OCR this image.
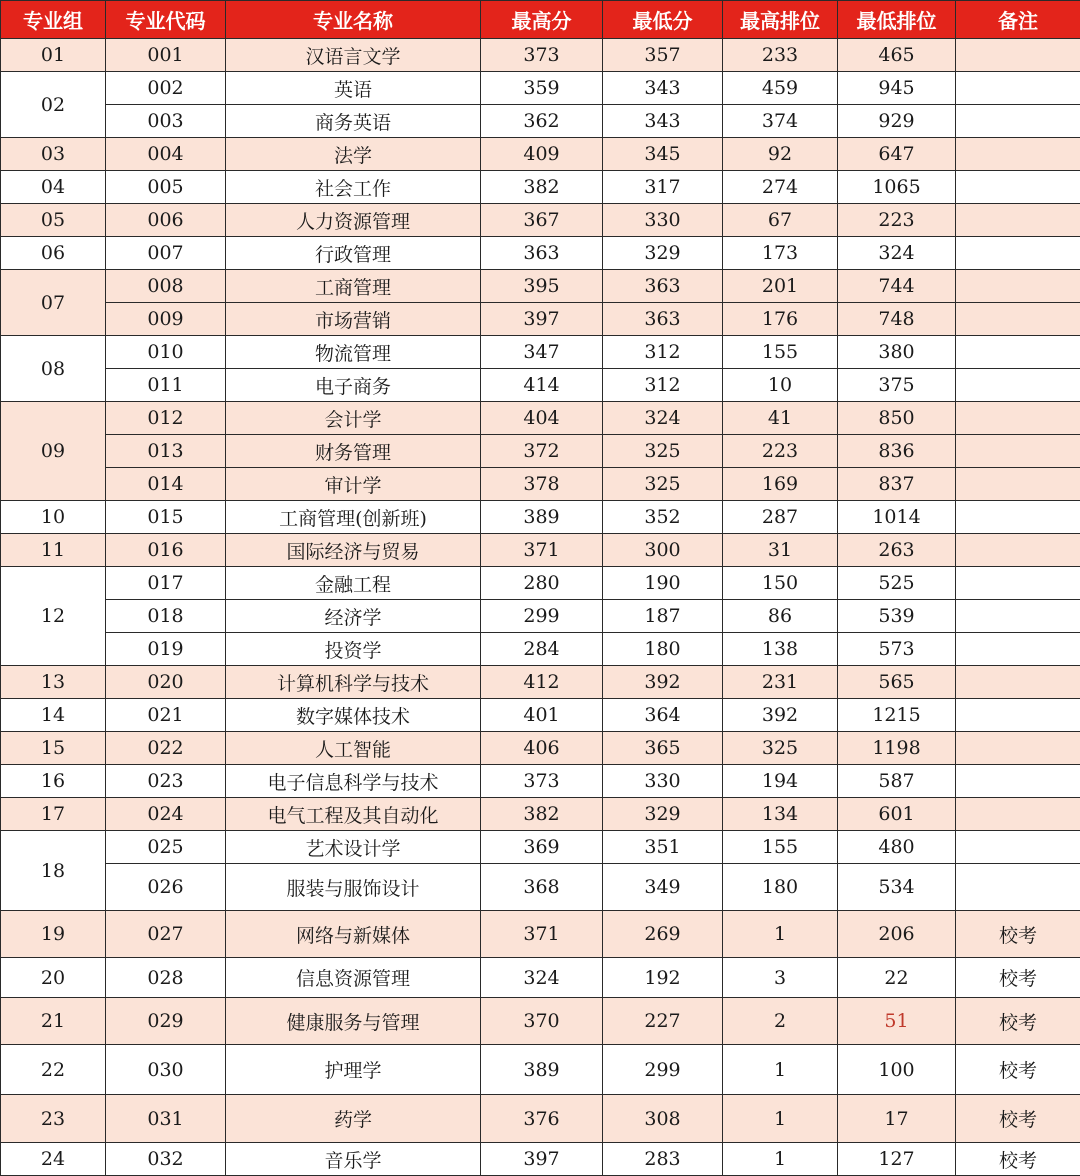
专业组	专业代码	专业名称	最高分	最低分	最高排位	最低排位	备注
01	001	汉语言文学	373	357	233	465	
02	002	英语	359	343	459	945	
	003	商务英语	362	343	374	929	
03	004	法学	409	345	92	647	
04	005	社会工作	382	317	274	1065	
05	006	人力资源管理	367	330	67	223	
06	007	行政管理	363	329	173	324	
07	008	工商管理	395	363	201	744	
	009	市场营销	397	363	176	748	
08	010	物流管理	347	312	155	380	
	011	电子商务	414	312	10	375	
09	012	会计学	404	324	41	850	
	013	财务管理	372	325	223	836	
	014	审计学	378	325	169	837	
10	015	工商管理(创新班)	389	352	287	1014	
11	016	国际经济与贸易	371	300	31	263	
12	017	金融工程	280	190	150	525	
	018	经济学	299	187	86	539	
	019	投资学	284	180	138	573	
13	020	计算机科学与技术	412	392	231	565	
14	021	数字媒体技术	401	364	392	1215	
15	022	人工智能	406	365	325	1198	
16	023	电子信息科学与技术	373	330	194	587	
17	024	电气工程及其自动化	382	329	134	601	
18	025	艺术设计学	369	351	155	480	
	026	服装与服饰设计	368	349	180	534	
19	027	网络与新媒体	371	269	1	206	校考
20	028	信息资源管理	324	192	3	22	校考
21	029	健康服务与管理	370	227	2	51	校考
22	030	护理学	389	299	1	100	校考
23	031	药学	376	308	1	17	校考
24	032	音乐学	397	283	1	127	校考
